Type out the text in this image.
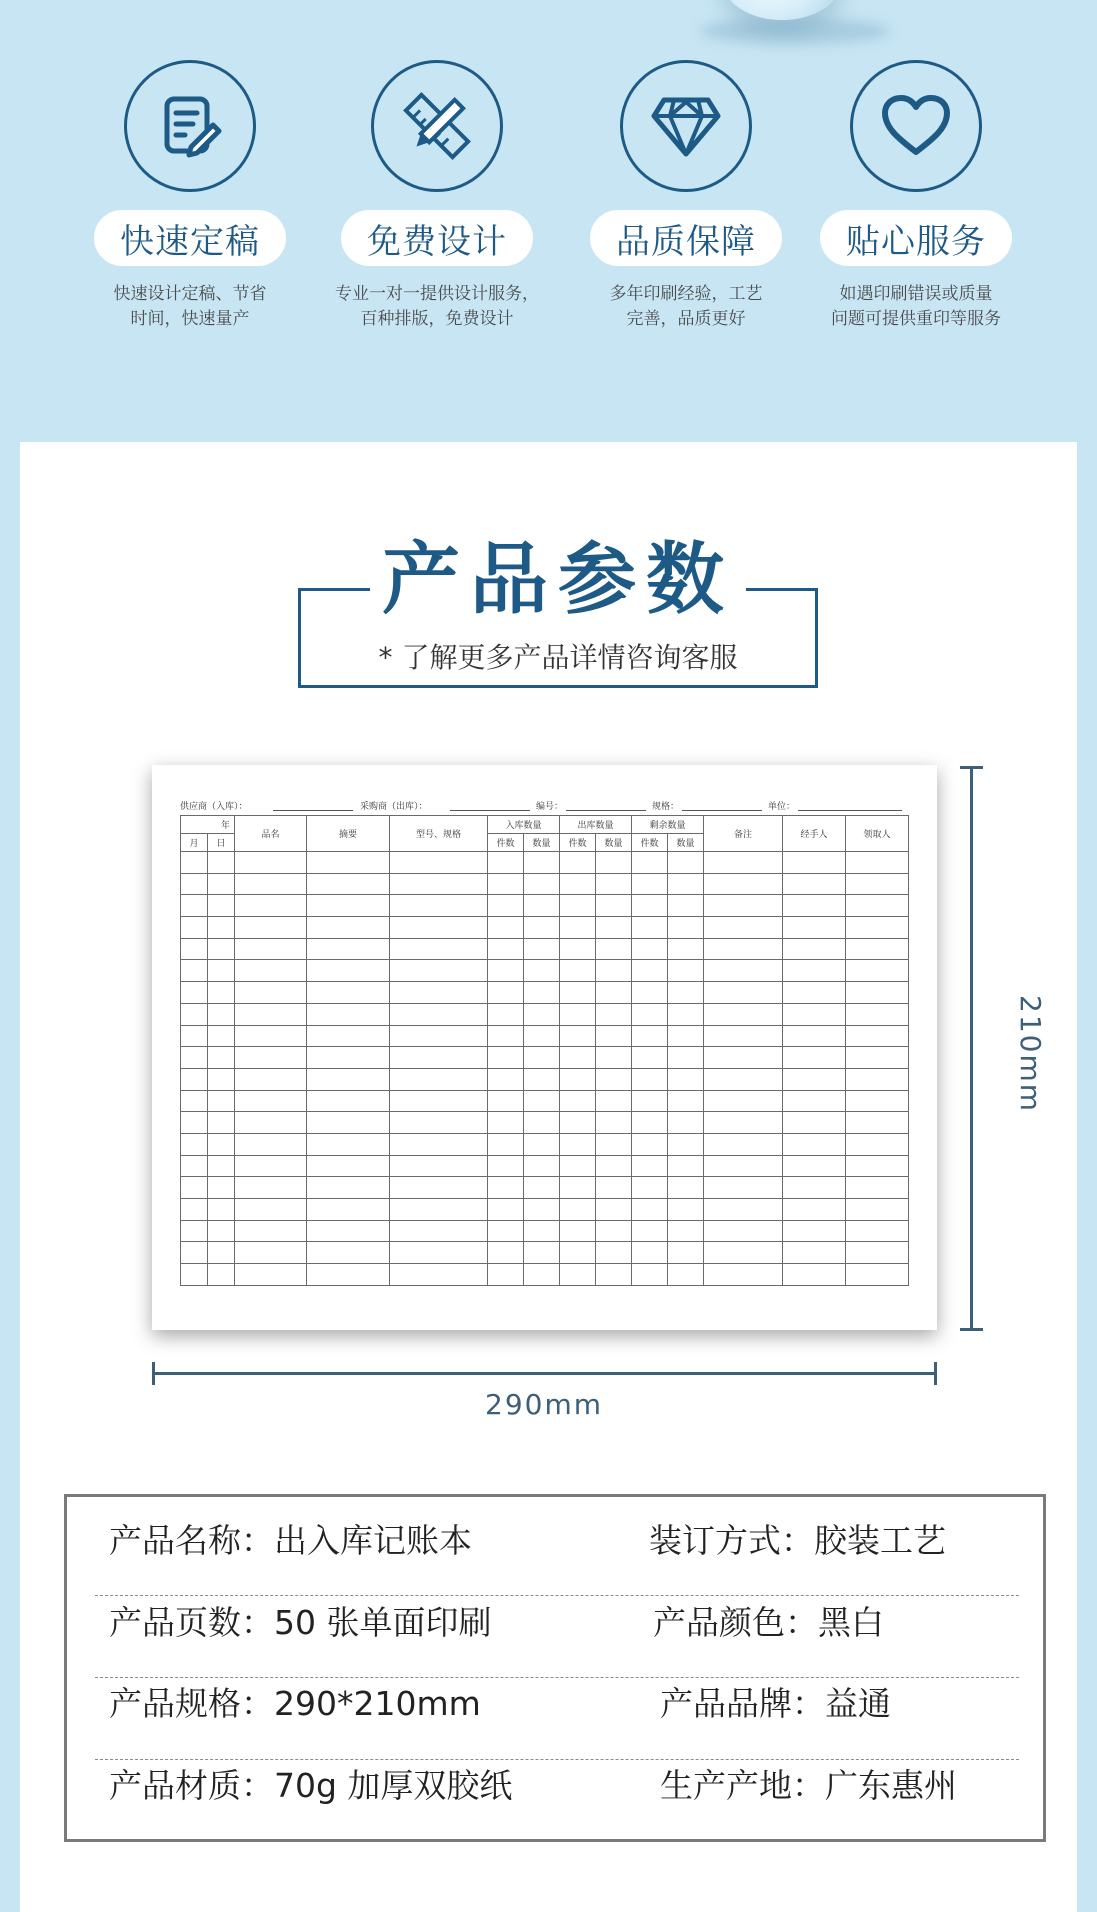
快速定稿
快速设计定稿、节省
时间，快速量产
免费设计
专业一对一提供设计服务，
百种排版，免费设计
品质保障
多年印刷经验，工艺
完善，品质更好
贴心服务
如遇印刷错误或质量
问题可提供重印等服务
产品参数
* 了解更多产品详情咨询客服
供应商（入库）：	采购商（出库）：	编号：	规格：	单位：
年		品名	摘要	型号、规格	入库数量		出库数量		剩余数量		备注	经手人	领取人
月	日				件数	数量	件数	数量	件数	数量			

210mm
290mm
产品名称：出入库记账本	装订方式：胶装工艺
产品页数：50 张单面印刷	产品颜色：黑白
产品规格：290*210mm	产品品牌：益通
产品材质：70g 加厚双胶纸	生产产地：广东惠州
